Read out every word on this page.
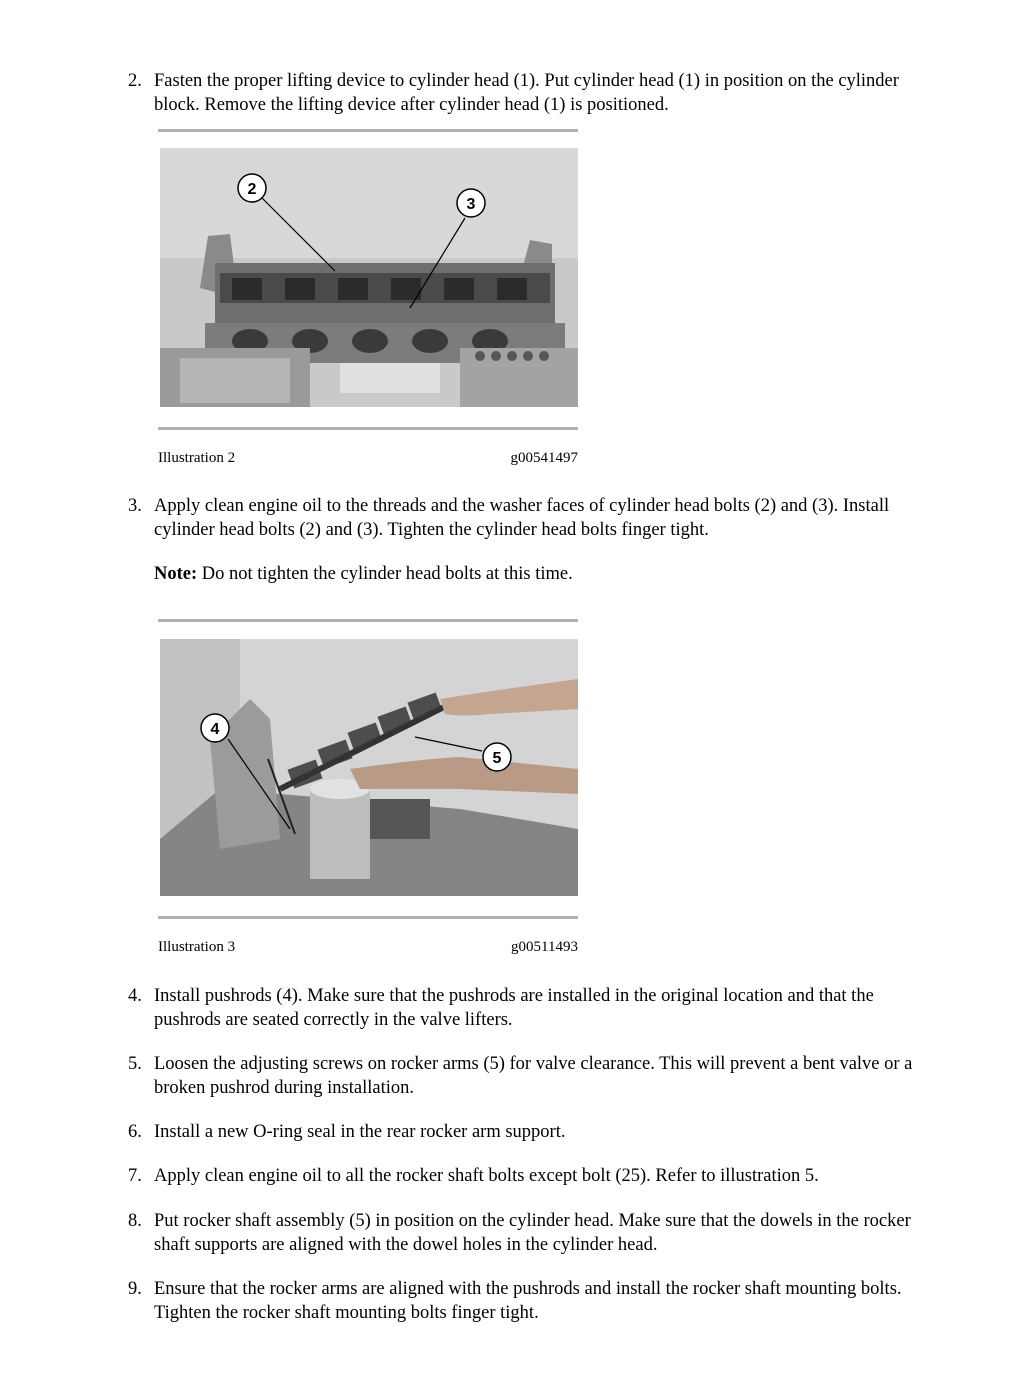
2. Fasten the proper lifting device to cylinder head (1). Put cylinder head (1) in position on the cylinder block. Remove the lifting device after cylinder head (1) is positioned.
2
3
Illustration 2	g00541497
3. Apply clean engine oil to the threads and the washer faces of cylinder head bolts (2) and (3). Install cylinder head bolts (2) and (3). Tighten the cylinder head bolts finger tight.
Note: Do not tighten the cylinder head bolts at this time.
4
5
Illustration 3	g00511493
4. Install pushrods (4). Make sure that the pushrods are installed in the original location and that the pushrods are seated correctly in the valve lifters.
5. Loosen the adjusting screws on rocker arms (5) for valve clearance. This will prevent a bent valve or a broken pushrod during installation.
6. Install a new O-ring seal in the rear rocker arm support.
7. Apply clean engine oil to all the rocker shaft bolts except bolt (25). Refer to illustration 5.
8. Put rocker shaft assembly (5) in position on the cylinder head. Make sure that the dowels in the rocker shaft supports are aligned with the dowel holes in the cylinder head.
9. Ensure that the rocker arms are aligned with the pushrods and install the rocker shaft mounting bolts. Tighten the rocker shaft mounting bolts finger tight.
